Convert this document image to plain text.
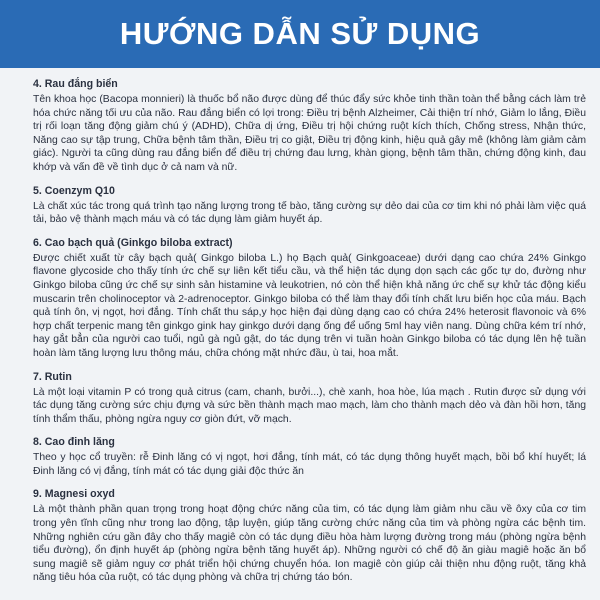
HƯỚNG DẪN SỬ DỤNG
4. Rau đắng biển

Tên khoa học (Bacopa monnieri) là thuốc bổ não được dùng để thúc đẩy sức khỏe tinh thần toàn thể bằng cách làm trẻ hóa chức năng tối ưu của não. Rau đắng biển có lợi trong: Điều trị bệnh Alzheimer, Cải thiện trí nhớ, Giảm lo lắng, Điều trị rối loạn tăng động giảm chú ý (ADHD), Chữa dị ứng, Điều trị hội chứng ruột kích thích, Chống stress, Nhận thức, Năng cao sự tập trung, Chữa bệnh tâm thần, Điều trị co giật, Điều trị động kinh, hiệu quả gây mê (không làm giảm cảm giác). Người ta cũng dùng rau đắng biển để điều trị chứng đau lưng, khàn giọng, bệnh tâm thần, chứng động kinh, đau khớp và vấn đề về tình dục ở cả nam và nữ.

5. Coenzym Q10

Là chất xúc tác trong quá trình tạo năng lượng trong tế bào, tăng cường sự dẻo dai của cơ tim khi nó phải làm việc quá tải, bảo vệ thành mạch máu và có tác dụng làm giảm huyết áp.

6. Cao bạch quả (Ginkgo biloba extract)

Được chiết xuất từ cây bạch quả( Ginkgo biloba L.) họ Bạch quả( Ginkgoaceae) dưới dạng cao chứa 24% Ginkgo flavone glycoside cho thấy tính ức chế sự liên kết tiểu cầu, và thể hiện tác dụng dọn sạch các gốc tự do, đường như Ginkgo biloba cũng ức chế sự sinh sản histamine và leukotrien, nó còn thể hiện khả năng ức chế sự khử tác động kiểu muscarin trên cholinoceptor và 2-adrenoceptor. Ginkgo biloba có thể làm thay đổi tính chất lưu biến học của máu. Bạch quả tính ôn, vị ngọt, hơi đắng. Tính chất thu sáp,y học hiện đại dùng dạng cao có chứa 24% heterosit flavonoic và 6% hợp chất terpenic mang tên ginkgo gink hay ginkgo dưới dạng ống để uống 5ml hay viên nang. Dùng chữa kém trí nhớ, hay gắt bẳn của người cao tuổi, ngủ gà ngủ gật, do tác dụng trên vi tuần hoàn Ginkgo biloba có tác dụng lên hệ tuần hoàn làm tăng lượng lưu thông máu, chữa chóng mặt nhức đầu, ù tai, hoa mắt.

7. Rutin

Là một loại vitamin P có trong quả citrus (cam, chanh, bưởi...), chè xanh, hoa hòe, lúa mạch . Rutin được sử dụng với tác dụng tăng cường sức chịu đựng và sức bền thành mạch mao mạch, làm cho thành mạch dẻo và đàn hồi hơn, tăng tính thẩm thấu, phòng ngừa nguy cơ giòn đứt, vỡ mạch.

8. Cao đinh lăng

Theo y học cổ truyền: rễ Đinh lăng có vị ngọt, hơi đắng, tính mát, có tác dụng thông huyết mạch, bồi bổ khí huyết; lá Đinh lăng có vị đắng, tính mát có tác dụng giải độc thức ăn

9. Magnesi oxyd

Là một thành phần quan trọng trong hoạt động chức năng của tim, có tác dụng làm giảm nhu cầu về ôxy của cơ tim trong yên tĩnh cũng như trong lao động, tập luyện, giúp tăng cường chức năng của tim và phòng ngừa các bệnh tim. Những nghiên cứu gần đây cho thấy magiê còn có tác dụng điều hòa hàm lượng đường trong máu (phòng ngừa bệnh tiểu đường), ổn định huyết áp (phòng ngừa bệnh tăng huyết áp). Những người có chế độ ăn giàu magiê hoặc ăn bổ sung magiê sẽ giảm nguy cơ phát triển hội chứng chuyển hóa. Ion magiê còn giúp cải thiện nhu động ruột, tăng khả năng tiêu hóa của ruột, có tác dụng phòng và chữa trị chứng táo bón.
